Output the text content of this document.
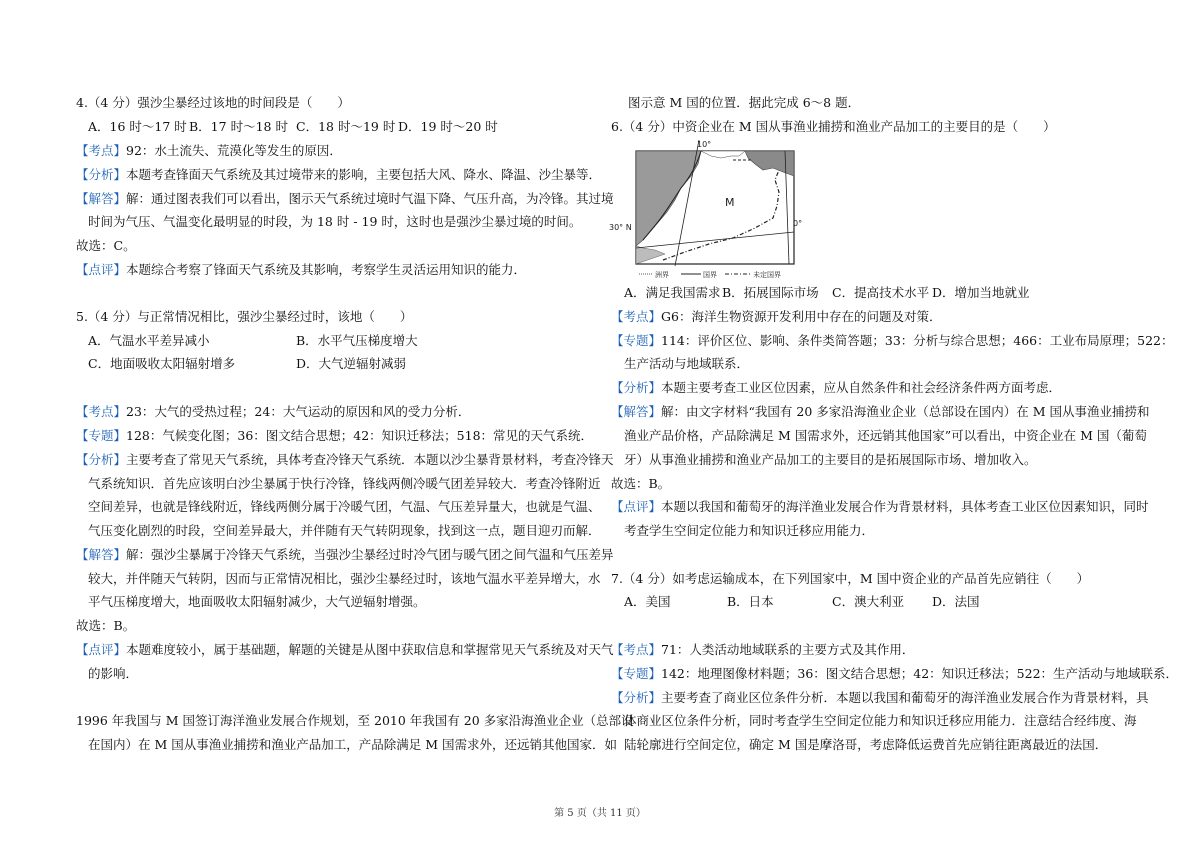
4.（4 分）强沙尘暴经过该地的时间段是（　　）
A．16 时～17 时 B．17 时～18 时 C．18 时～19 时 D．19 时～20 时
【考点】92：水土流失、荒漠化等发生的原因．
【分析】本题考查锋面天气系统及其过境带来的影响，主要包括大风、降水、降温、沙尘暴等．
【解答】解：通过图表我们可以看出，图示天气系统过境时气温下降、气压升高，为冷锋。其过境
时间为气压、气温变化最明显的时段，为 18 时 - 19 时，这时也是强沙尘暴过境的时间。
故选：C。
【点评】本题综合考察了锋面天气系统及其影响，考察学生灵活运用知识的能力．
5.（4 分）与正常情况相比，强沙尘暴经过时，该地（　　）
A．气温水平差异减小	B．水平气压梯度增大
C．地面吸收太阳辐射增多	D．大气逆辐射减弱
【考点】23：大气的受热过程；24：大气运动的原因和风的受力分析．
【专题】128：气候变化图；36：图文结合思想；42：知识迁移法；518：常见的天气系统．
【分析】主要考查了常见天气系统，具体考查冷锋天气系统．本题以沙尘暴背景材料，考查冷锋天
气系统知识．首先应该明白沙尘暴属于快行冷锋，锋线两侧冷暖气团差异较大．考查冷锋附近
空间差异，也就是锋线附近，锋线两侧分属于冷暖气团，气温、气压差异量大，也就是气温、
气压变化剧烈的时段，空间差异最大，并伴随有天气转阴现象，找到这一点，题目迎刃而解．
【解答】解：强沙尘暴属于冷锋天气系统，当强沙尘暴经过时冷气团与暖气团之间气温和气压差异
较大，并伴随天气转阴，因而与正常情况相比，强沙尘暴经过时，该地气温水平差异增大，水
平气压梯度增大，地面吸收太阳辐射减少，大气逆辐射增强。
故选：B。
【点评】本题难度较小，属于基础题，解题的关键是从图中获取信息和掌握常见天气系统及对天气
的影响．
1996 年我国与 M 国签订海洋渔业发展合作规划，至 2010 年我国有 20 多家沿海渔业企业（总部设
在国内）在 M 国从事渔业捕捞和渔业产品加工，产品除满足 M 国需求外，还远销其他国家．如
图示意 M 国的位置．据此完成 6～8 题．
6.（4 分）中资企业在 M 国从事渔业捕捞和渔业产品加工的主要目的是（　　）
10°
30° N	0°
M
洲界	国界	未定国界
A．满足我国需求 B．拓展国际市场 C．提高技术水平 D．增加当地就业
【考点】G6：海洋生物资源开发利用中存在的问题及对策．
【专题】114：评价区位、影响、条件类简答题；33：分析与综合思想；466：工业布局原理；522：
生产活动与地域联系．
【分析】本题主要考查工业区位因素，应从自然条件和社会经济条件两方面考虑．
【解答】解：由文字材料“我国有 20 多家沿海渔业企业（总部设在国内）在 M 国从事渔业捕捞和
渔业产品价格，产品除满足 M 国需求外，还远销其他国家”可以看出，中资企业在 M 国（葡萄
牙）从事渔业捕捞和渔业产品加工的主要目的是拓展国际市场、增加收入。
故选：B。
【点评】本题以我国和葡萄牙的海洋渔业发展合作为背景材料，具体考查工业区位因素知识，同时
考查学生空间定位能力和知识迁移应用能力．
7.（4 分）如考虑运输成本，在下列国家中，M 国中资企业的产品首先应销往（　　）
A．美国	B．日本	C．澳大利亚 D．法国
【考点】71：人类活动地域联系的主要方式及其作用．
【专题】142：地理图像材料题；36：图文结合思想；42：知识迁移法；522：生产活动与地域联系．
【分析】主要考查了商业区位条件分析．本题以我国和葡萄牙的海洋渔业发展合作为背景材料，具
体商业区位条件分析，同时考查学生空间定位能力和知识迁移应用能力．注意结合经纬度、海
陆轮廓进行空间定位，确定 M 国是摩洛哥，考虑降低运费首先应销往距离最近的法国．
第 5 页（共 11 页）
